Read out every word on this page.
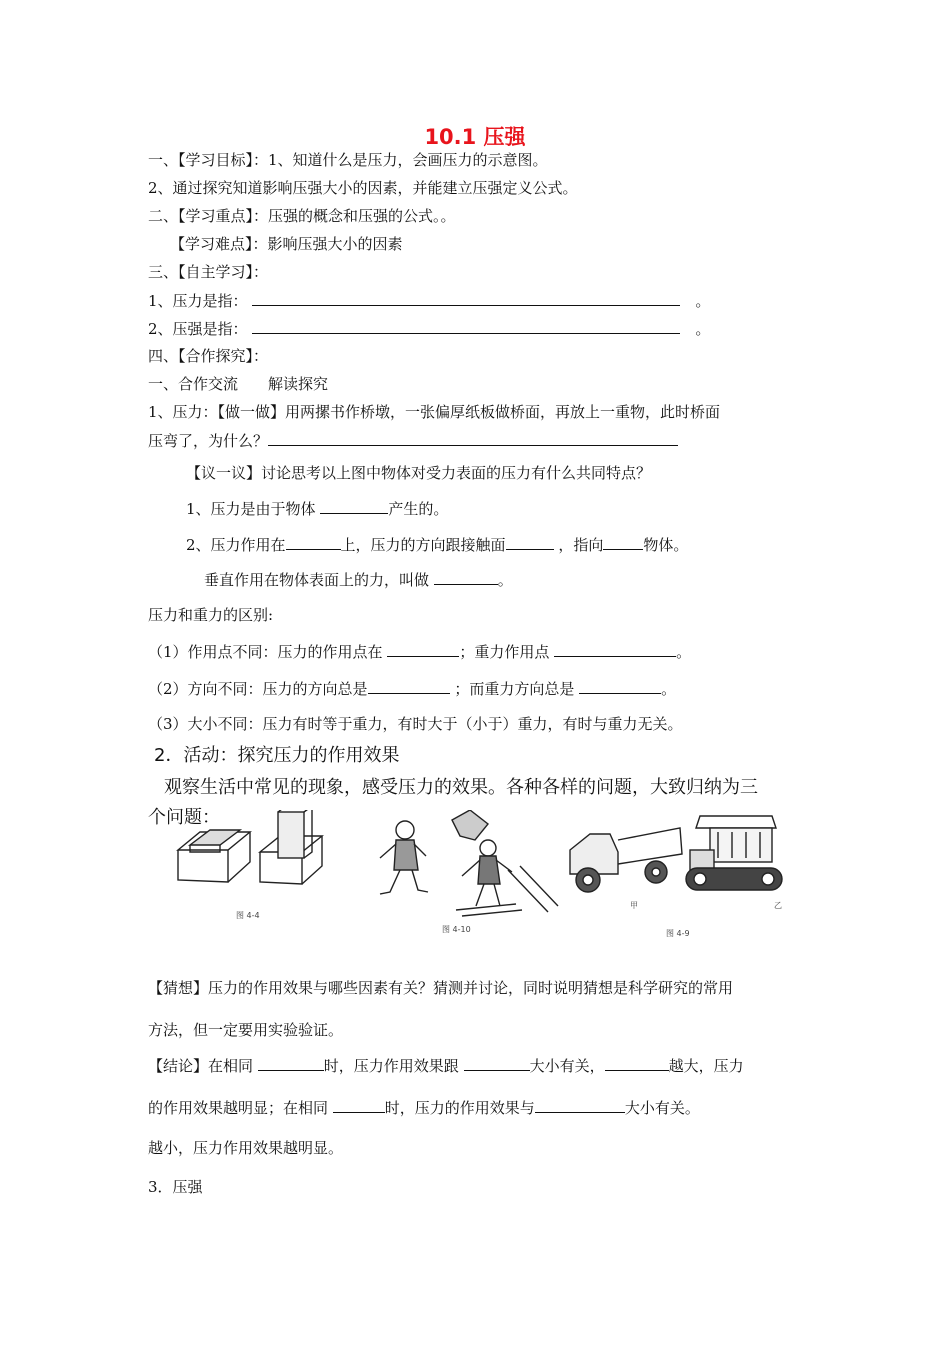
10.1 压强
一、【学习目标】：1、知道什么是压力，会画压力的示意图。
2、通过探究知道影响压强大小的因素，并能建立压强定义公式。
二、【学习重点】：压强的概念和压强的公式。。
【学习难点】：影响压强大小的因素
三、【自主学习】：
1、压力是指： 　	。
2、压强是指： 　	。
四、【合作探究】：
一、合作交流　　解读探究
1、压力：【做一做】用两摞书作桥墩，一张偏厚纸板做桥面，再放上一重物，此时桥面
压弯了，为什么？
【议一议】讨论思考以上图中物体对受力表面的压力有什么共同特点？
1、压力是由于物体	产生的。
2、压力作用在	上，压力的方向跟接触面	，指向	物体。
垂直作用在物体表面上的力，叫做	。
压力和重力的区别:
（1）作用点不同：压力的作用点在	；重力作用点	。
（2）方向不同：压力的方向总是	；而重力方向总是	。
（3）大小不同：压力有时等于重力，有时大于（小于）重力，有时与重力无关。
2．活动：探究压力的作用效果
观察生活中常见的现象，感受压力的效果。各种各样的问题，大致归纳为三
个问题：
图 4-4
图 4-10
甲	乙
图 4-9
【猜想】压力的作用效果与哪些因素有关？猜测并讨论，同时说明猜想是科学研究的常用
方法，但一定要用实验验证。
【结论】在相同	时，压力作用效果跟	大小有关，	越大，压力
的作用效果越明显；在相同	时，压力的作用效果与	大小有关。
越小，压力作用效果越明显。
3．压强
